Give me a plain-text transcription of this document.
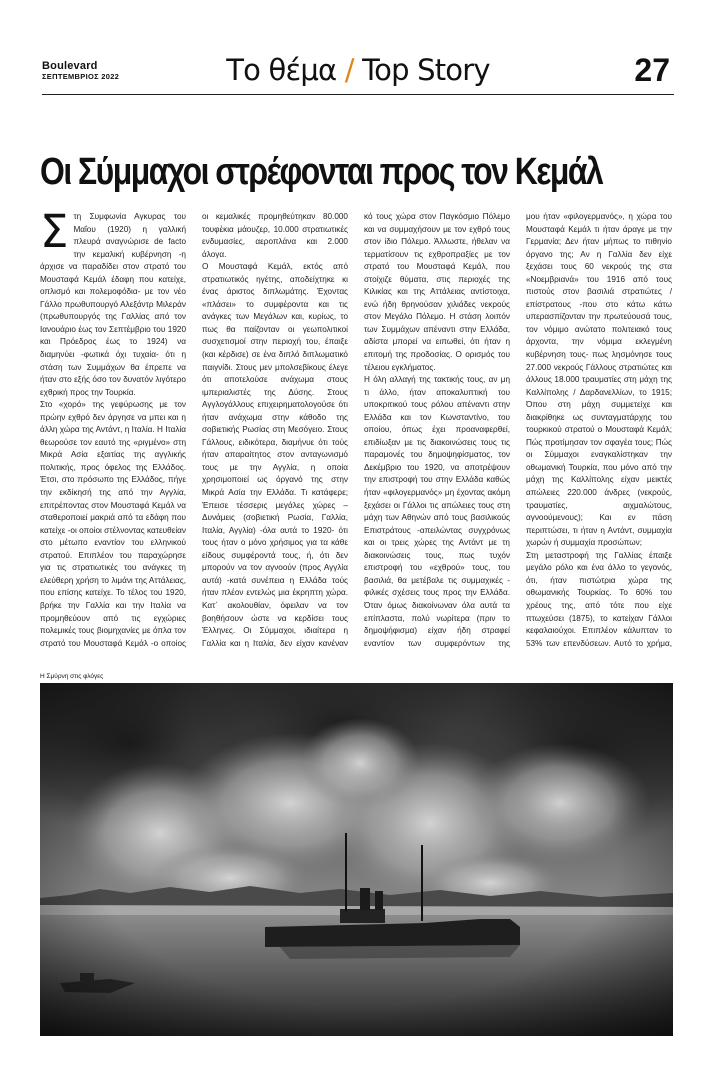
Boulevard
ΣΕΠΤΕΜΒΡΙΟΣ 2022	Το θέμα / Top Story	27
Οι Σύμμαχοι στρέφονται προς τον Κεμάλ
Σ τη Συμφωνία Αγκυρας του Μαΐου (1920) η γαλλική πλευρά αναγνώρισε de facto την κεμαλική κυβέρνηση -η άρχισε να παραδίδει στον στρατό του Μουσταφά Κεμάλ έδαφη που κατείχε, οπλισμό και πολεμοφόδια- με τον νέο Γάλλο πρωθυπουργό Αλεξάντρ Μιλεράν (πρωθυπουργός της Γαλλίας από τον Ιανουάριο έως τον Σεπτέμβριο του 1920 και Πρόεδρος έως το 1924) να διαμηνύει -φωτικά όχι τυχαία- ότι η στάση των Συμμάχων θα έπρεπε να ήταν στο εξής όσο τον δυνατόν λιγότερο εχθρική προς την Τουρκία.

Στο «χορό» της γεφύρωσης με τον πρώην εχθρό δεν άργησε να μπει και η άλλη χώρα της Αντάντ, η Ιταλία. Η Ιταλία θεωρούσε τον εαυτό της «ριγμένο» στη Μικρά Ασία εξαιτίας της αγγλικής πολιτικής, προς όφελος της Ελλάδος. Έτσι, στο πρόσωπο της Ελλάδος, πήγε την εκδίκησή της από την Αγγλία, επιτρέποντας στον Μουσταφά Κεμάλ να σταθεροποιεί μακριά από τα εδάφη που κατείχε -οι οποίοι στέλνοντας κατευθείαν στο μέτωπο εναντίον του ελληνικού στρατού. Επιπλέον του παραχώρησε για τις στρατιωτικές του ανάγκες τη ελεύθερη χρήση το λιμάνι της Αττάλειας, που επίσης κατείχε. Το τέλος του 1920, βρήκε την Γαλλία και την Ιταλία να προμηθεύουν από τις εγχώριες πολεμικές τους βιομηχανίες με όπλα τον στρατό του Μουσταφά Κεμάλ -ο οποίος

οι κεμαλικές προμηθεύτηκαν 80.000 τουφέκια μάουζερ, 10.000 στρατιωτικές ενδυμασίες, αεροπλάνα και 2.000 άλογα.

Ο Μουσταφά Κεμάλ, εκτός από στρατιωτικός ηγέτης, αποδείχτηκε κι ένας άριστος διπλωμάτης. Έχοντας «πλάσει» το συμφέροντα και τις ανάγκες των Μεγάλων και, κυρίως, το πως θα παίζονταν οι γεωπολιτικοί συσχετισμοί στην περιοχή του, έπαιξε (και κέρδισε) σε ένα διπλό διπλωματικό παιγνίδι. Στους μεν μπολσεβίκους έλεγε ότι αποτελούσε ανάχωμα στους ιμπεριαλιστές της Δύσης. Στους Αγγλογάλλους επιχειρηματολογούσε ότι ήταν ανάχωμα στην κάθοδο της σοβιετικής Ρωσίας στη Μεσόγειο. Στους Γάλλους, ειδικότερα, διαμήνυε ότι τούς ήταν απαραίτητος στον ανταγωνισμό τους με την Αγγλία, η οποία χρησιμοποιεί ως όργανό της στην Μικρά Ασία την Ελλάδα. Τι κατάφερε; Έπεισε τέσσερις μεγάλες χώρες – Δυνάμεις (σοβιετική Ρωσία, Γαλλία, Ιταλία, Αγγλία) -όλα αυτά το 1920- ότι τους ήταν ο μόνο χρήσιμος για τα κάθε είδους συμφέροντά τους, ή, ότι δεν μπορούν να τον αγνοούν (προς Αγγλία αυτά) -κατά συνέπεια η Ελλάδα τούς ήταν πλέον εντελώς μια έκρηπτη χώρα. Κατ΄ ακολουθίαν, όφειλαν να τον βοηθήσουν ώστε να κερδίσει τους Έλληνες. Οι Σύμμαχοι, ιδιαίτερα η Γαλλία και η Ιταλία, δεν είχαν κανέναν

κό τους χώρα στον Παγκόσμιο Πόλεμο και να συμμαχήσουν με τον εχθρό τους στον ίδιο Πόλεμο. Άλλωστε, ήθελαν να τερματίσουν τις εχθροπραξίες με τον στρατό του Μουσταφά Κεμάλ, που στοίχιζε θύματα, στις περιοχές της Κιλικίας και της Αττάλειας αντίστοιχα, ενώ ήδη θρηνούσαν χιλιάδες νεκρούς στον Μεγάλο Πόλεμο. Η στάση λοιπόν των Συμμάχων απέναντι στην Ελλάδα, αδίστα μπορεί να ειπωθεί, ότι ήταν η επιτομή της προδοσίας. Ο ορισμός του τέλειου εγκλήματος.

Η όλη αλλαγή της τακτικής τους, αν μη τι άλλο, ήταν αποκαλυπτική του υποκριτικού τους ρόλου απέναντι στην Ελλάδα και τον Κωνσταντίνο, του οποίου, όπως έχει προαναφερθεί, επιδίωξαν με τις διακοινώσεις τους τις παραμονές του δημοψηφίσματος, τον Δεκέμβριο του 1920, να αποτρέψουν την επιστροφή του στην Ελλάδα καθώς ήταν «φιλογερμανός» μη έχοντας ακόμη ξεχάσει οι Γάλλοι τις απώλειες τους στη μάχη των Αθηνών από τους βασιλικούς Επιστράτους -απειλώντας συγχρόνως και οι τρεις χώρες της Αντάντ με τη διακοινώσεις τους, πως τυχόν επιστροφή του «εχθρού» τους, του βασιλιά, θα μετέβαλε τις συμμαχικές - φιλικές σχέσεις τους προς την Ελλάδα. Όταν όμως διακοίνωναν όλα αυτά τα επίπλαστα, πολύ νωρίτερα (πριν το δημοψήφισμα) είχαν ήδη στραφεί εναντίον των συμφερόντων της

μου ήταν «φιλογερμανός», η χώρα του Μουσταφά Κεμάλ τι ήταν άραγε με την Γερμανία; Δεν ήταν μήπως το πιθηνίο όργανο της; Αν η Γαλλία δεν είχε ξεχάσει τους 60 νεκρούς της στα «Νοεμβριανά» του 1916 από τους πιστούς στον βασιλιά στρατιώτες / επίστρατους -που στο κάτω κάτω υπερασπίζονταν την πρωτεύουσά τους, τον νόμιμο ανώτατο πολιτειακό τους άρχοντα, την νόμιμα εκλεγμένη κυβέρνηση τους- πως λησμόνησε τους 27.000 νεκρούς Γάλλους στρατιώτες και άλλους 18.000 τραυματίες στη μάχη της Καλλίπολης / Δαρδανελλίων, το 1915; Όπου στη μάχη συμμετείχε και διακρίθηκε ως συνταγματάρχης του τουρκικού στρατού ο Μουσταφά Κεμάλ; Πώς προτίμησαν τον σφαγέα τους; Πώς οι Σύμμαχοι εναγκαλίστηκαν την οθωμανική Τουρκία, που μόνο από την μάχη της Καλλίπολης είχαν μεικτές απώλειες 220.000 άνδρες (νεκρούς, τραυματίες, αιχμαλώτους, αγνοούμενους); Και εν πάση περιπτώσει, τι ήταν η Αντάντ, συμμαχία χωρών ή συμμαχία προσώπων;

Στη μεταστροφή της Γαλλίας έπαιξε μεγάλο ρόλο και ένα άλλο το γεγονός, ότι, ήταν πιστώτρια χώρα της οθωμανικής Τουρκίας. Το 60% του χρέους της, από τότε που είχε πτωχεύσει (1875), το κατείχαν Γάλλοι κεφαλαιούχοι. Επιπλέον κάλυπταν το 53% των επενδύσεων. Αυτό το χρήμα,

Η Σμύρνη στις φλόγες
